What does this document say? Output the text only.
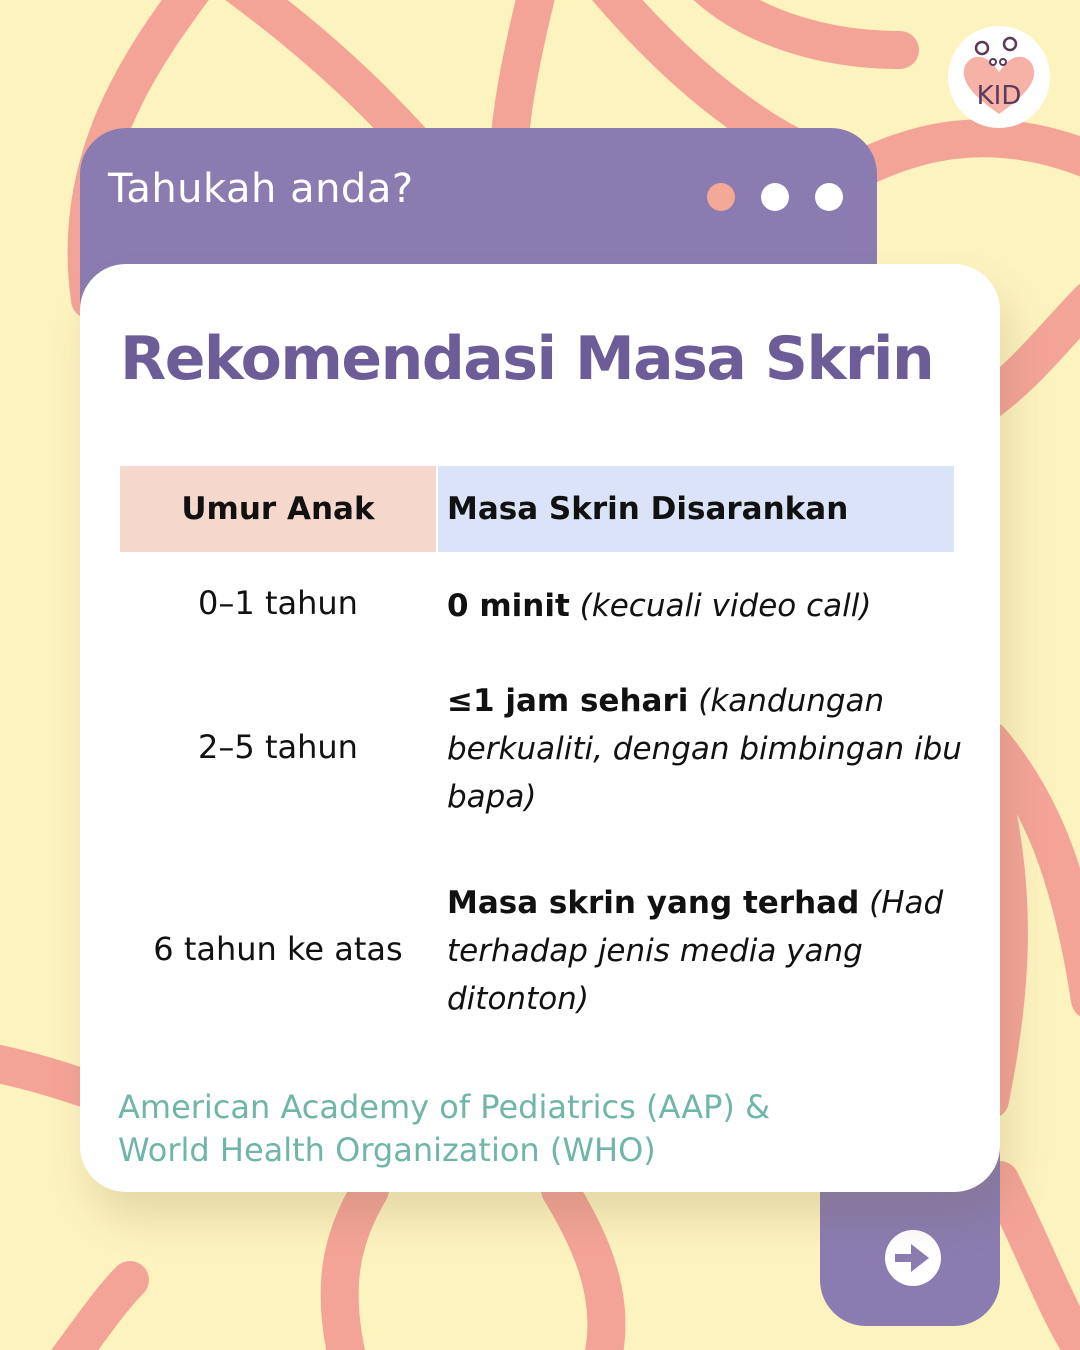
KID
Tahukah anda?
Rekomendasi Masa Skrin
Umur Anak	Masa Skrin Disarankan
0–1 tahun	0 minit (kecuali video call)
2–5 tahun
≤1 jam sehari (kandungan berkualiti, dengan bimbingan ibu bapa)
6 tahun ke atas
Masa skrin yang terhad (Had terhadap jenis media yang ditonton)
American Academy of Pediatrics (AAP) &
World Health Organization (WHO)
